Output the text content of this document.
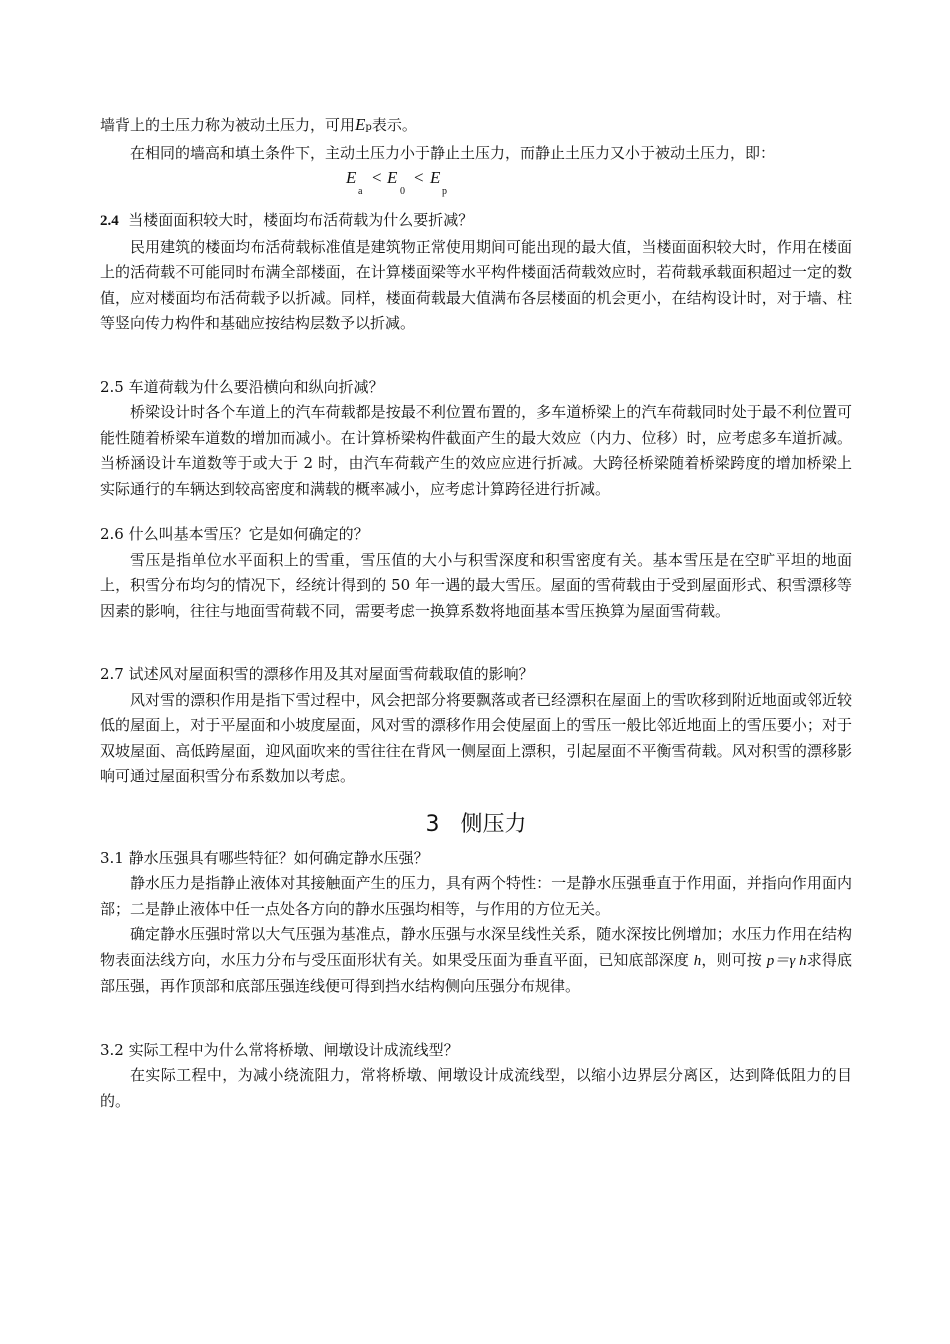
墙背上的土压力称为被动土压力，可用Ep表示。

在相同的墙高和填土条件下，主动土压力小于静止土压力，而静止土压力又小于被动土压力，即：

E
a
< E
0
< E
p

2.4 当楼面面积较大时，楼面均布活荷载为什么要折减？

民用建筑的楼面均布活荷载标准值是建筑物正常使用期间可能出现的最大值，当楼面面积较大时，作用在楼面上的活荷载不可能同时布满全部楼面，在计算楼面梁等水平构件楼面活荷载效应时，若荷载承载面积超过一定的数值，应对楼面均布活荷载予以折减。同样，楼面荷载最大值满布各层楼面的机会更小，在结构设计时，对于墙、柱等竖向传力构件和基础应按结构层数予以折减。

2.5 车道荷载为什么要沿横向和纵向折减？

桥梁设计时各个车道上的汽车荷载都是按最不利位置布置的，多车道桥梁上的汽车荷载同时处于最不利位置可能性随着桥梁车道数的增加而减小。在计算桥梁构件截面产生的最大效应（内力、位移）时，应考虑多车道折减。当桥涵设计车道数等于或大于 2 时，由汽车荷载产生的效应应进行折减。大跨径桥梁随着桥梁跨度的增加桥梁上实际通行的车辆达到较高密度和满载的概率减小，应考虑计算跨径进行折减。

2.6 什么叫基本雪压？它是如何确定的？

雪压是指单位水平面积上的雪重，雪压值的大小与积雪深度和积雪密度有关。基本雪压是在空旷平坦的地面上，积雪分布均匀的情况下，经统计得到的 50 年一遇的最大雪压。屋面的雪荷载由于受到屋面形式、积雪漂移等因素的影响，往往与地面雪荷载不同，需要考虑一换算系数将地面基本雪压换算为屋面雪荷载。

2.7 试述风对屋面积雪的漂移作用及其对屋面雪荷载取值的影响？

风对雪的漂积作用是指下雪过程中，风会把部分将要飘落或者已经漂积在屋面上的雪吹移到附近地面或邻近较低的屋面上，对于平屋面和小坡度屋面，风对雪的漂移作用会使屋面上的雪压一般比邻近地面上的雪压要小；对于双坡屋面、高低跨屋面，迎风面吹来的雪往往在背风一侧屋面上漂积，引起屋面不平衡雪荷载。风对积雪的漂移影响可通过屋面积雪分布系数加以考虑。

3 侧压力

3.1 静水压强具有哪些特征？如何确定静水压强？

静水压力是指静止液体对其接触面产生的压力，具有两个特性：一是静水压强垂直于作用面，并指向作用面内部；二是静止液体中任一点处各方向的静水压强均相等，与作用的方位无关。

确定静水压强时常以大气压强为基准点，静水压强与水深呈线性关系，随水深按比例增加；水压力作用在结构物表面法线方向，水压力分布与受压面形状有关。如果受压面为垂直平面，已知底部深度 h，则可按 p＝γ h求得底部压强，再作顶部和底部压强连线便可得到挡水结构侧向压强分布规律。

3.2 实际工程中为什么常将桥墩、闸墩设计成流线型？

在实际工程中，为减小绕流阻力，常将桥墩、闸墩设计成流线型，以缩小边界层分离区，达到降低阻力的目的。
